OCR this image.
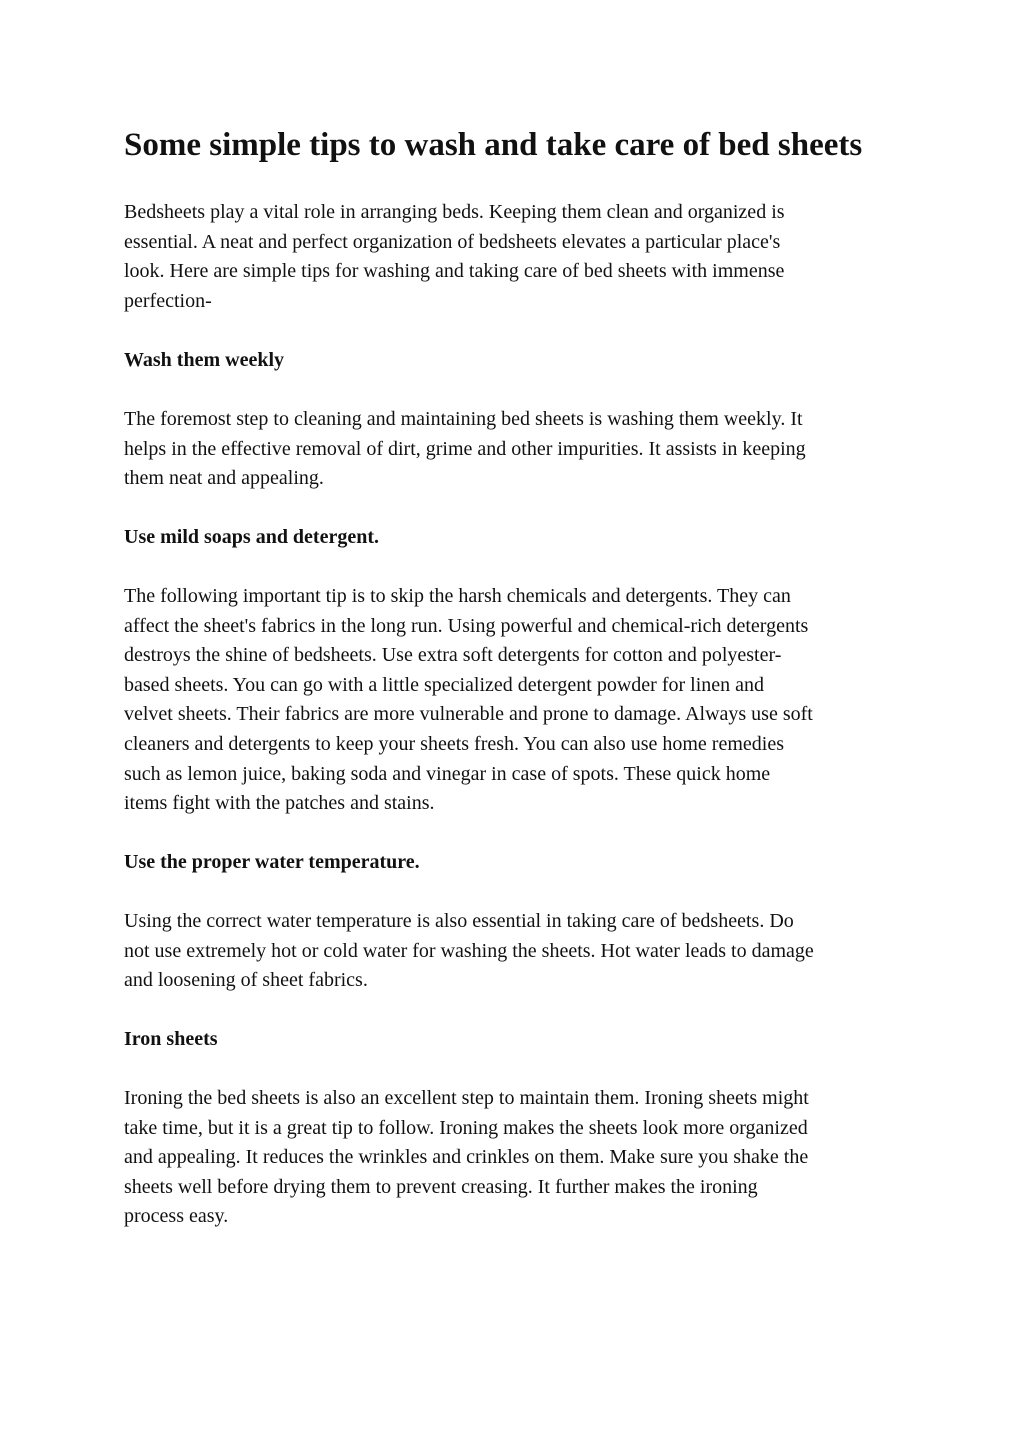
Some simple tips to wash and take care of bed sheets

Bedsheets play a vital role in arranging beds. Keeping them clean and organized is
essential. A neat and perfect organization of bedsheets elevates a particular place's
look. Here are simple tips for washing and taking care of bed sheets with immense
perfection-

Wash them weekly

The foremost step to cleaning and maintaining bed sheets is washing them weekly. It
helps in the effective removal of dirt, grime and other impurities. It assists in keeping
them neat and appealing.

Use mild soaps and detergent.

The following important tip is to skip the harsh chemicals and detergents. They can
affect the sheet's fabrics in the long run. Using powerful and chemical-rich detergents
destroys the shine of bedsheets. Use extra soft detergents for cotton and polyester-
based sheets. You can go with a little specialized detergent powder for linen and
velvet sheets. Their fabrics are more vulnerable and prone to damage. Always use soft
cleaners and detergents to keep your sheets fresh. You can also use home remedies
such as lemon juice, baking soda and vinegar in case of spots. These quick home
items fight with the patches and stains.

Use the proper water temperature.

Using the correct water temperature is also essential in taking care of bedsheets. Do
not use extremely hot or cold water for washing the sheets. Hot water leads to damage
and loosening of sheet fabrics.

Iron sheets

Ironing the bed sheets is also an excellent step to maintain them. Ironing sheets might
take time, but it is a great tip to follow. Ironing makes the sheets look more organized
and appealing. It reduces the wrinkles and crinkles on them. Make sure you shake the
sheets well before drying them to prevent creasing. It further makes the ironing
process easy.
